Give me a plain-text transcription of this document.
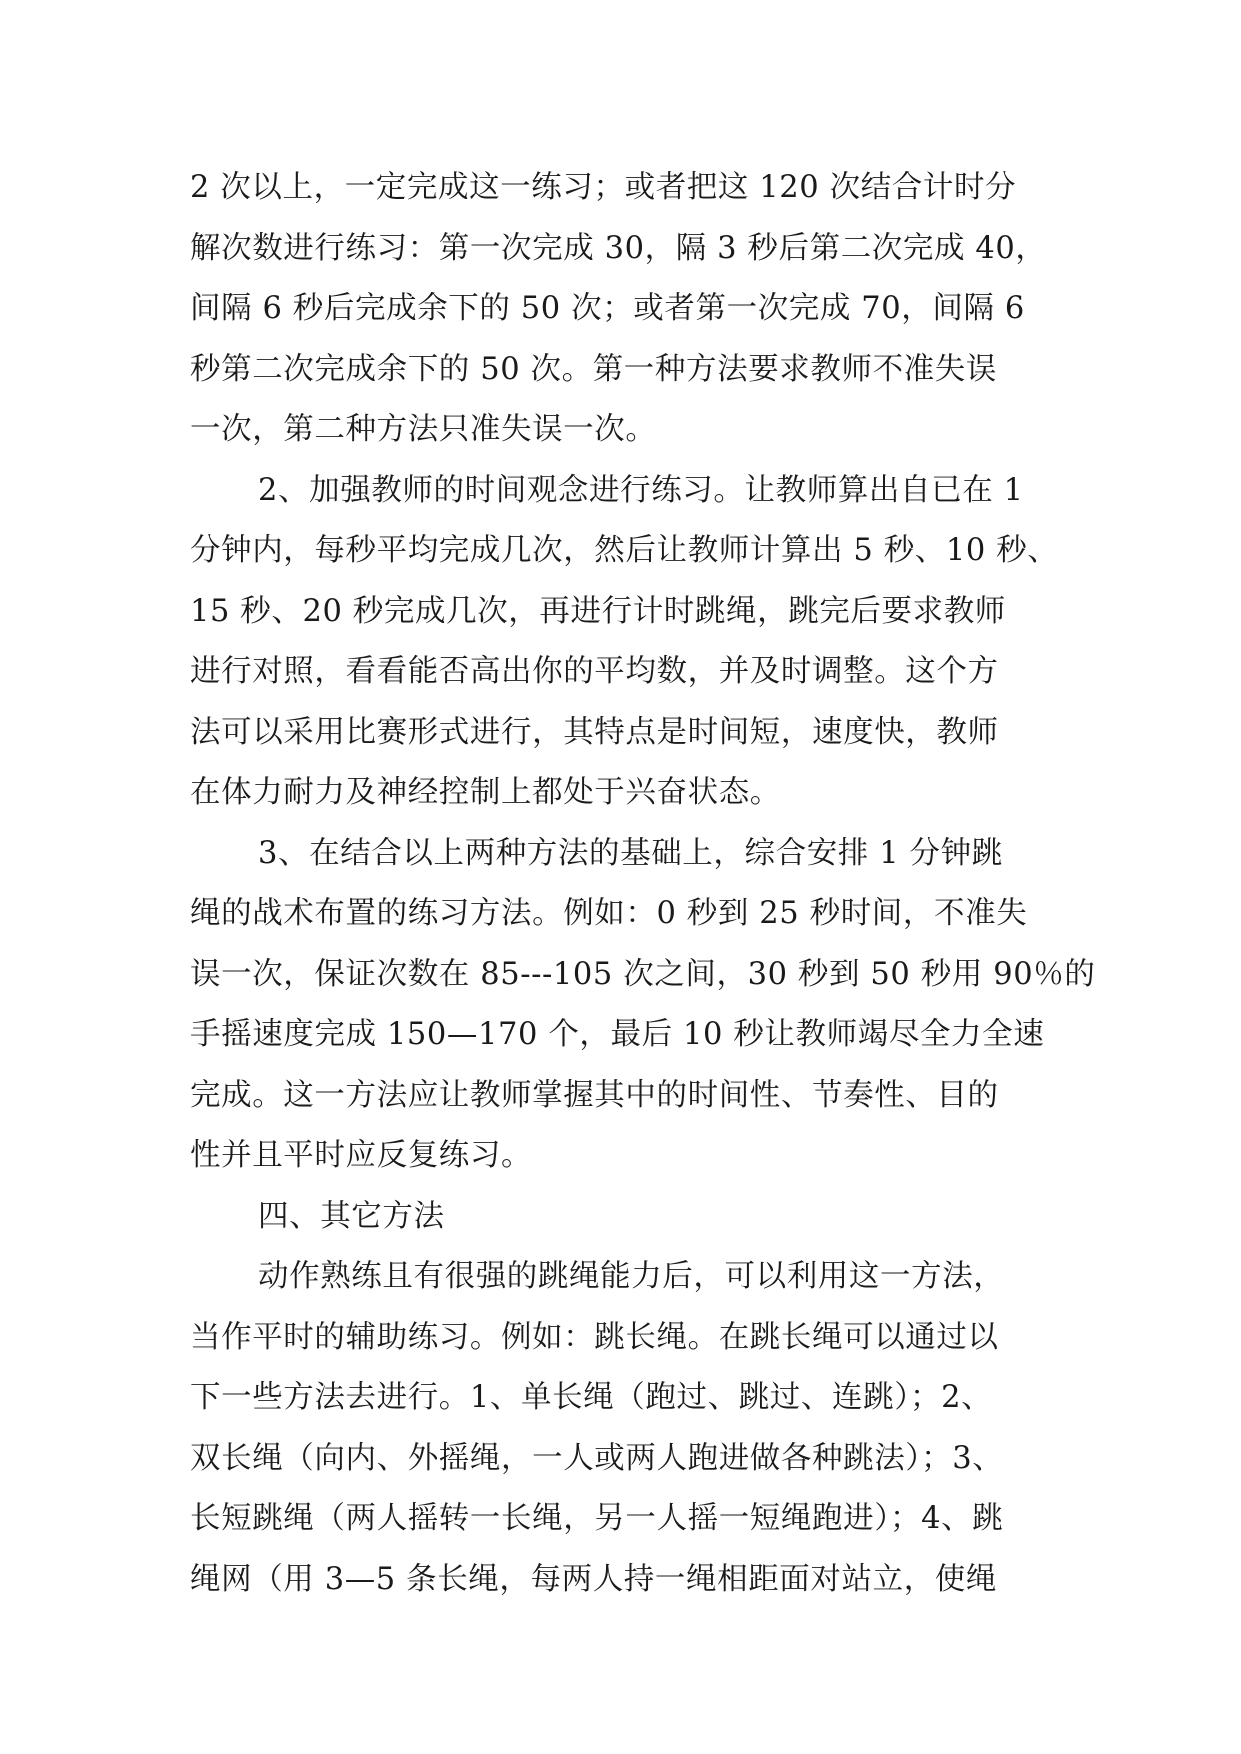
2 次以上，一定完成这一练习；或者把这 120 次结合计时分
解次数进行练习：第一次完成 30，隔 3 秒后第二次完成 40，
间隔 6 秒后完成余下的 50 次；或者第一次完成 70，间隔 6
秒第二次完成余下的 50 次。第一种方法要求教师不准失误
一次，第二种方法只准失误一次。
2、加强教师的时间观念进行练习。让教师算出自已在 1
分钟内，每秒平均完成几次，然后让教师计算出 5 秒、10 秒、
15 秒、20 秒完成几次，再进行计时跳绳，跳完后要求教师
进行对照，看看能否高出你的平均数，并及时调整。这个方
法可以采用比赛形式进行，其特点是时间短，速度快，教师
在体力耐力及神经控制上都处于兴奋状态。
3、在结合以上两种方法的基础上，综合安排 1 分钟跳
绳的战术布置的练习方法。例如：0 秒到 25 秒时间，不准失
误一次，保证次数在 85---105 次之间，30 秒到 50 秒用 90％的
手摇速度完成 150—170 个，最后 10 秒让教师竭尽全力全速
完成。这一方法应让教师掌握其中的时间性、节奏性、目的
性并且平时应反复练习。
四、其它方法
动作熟练且有很强的跳绳能力后，可以利用这一方法，
当作平时的辅助练习。例如：跳长绳。在跳长绳可以通过以
下一些方法去进行。1、单长绳（跑过、跳过、连跳）；2、
双长绳（向内、外摇绳，一人或两人跑进做各种跳法）；3、
长短跳绳（两人摇转一长绳，另一人摇一短绳跑进）；4、跳
绳网（用 3—5 条长绳，每两人持一绳相距面对站立，使绳
